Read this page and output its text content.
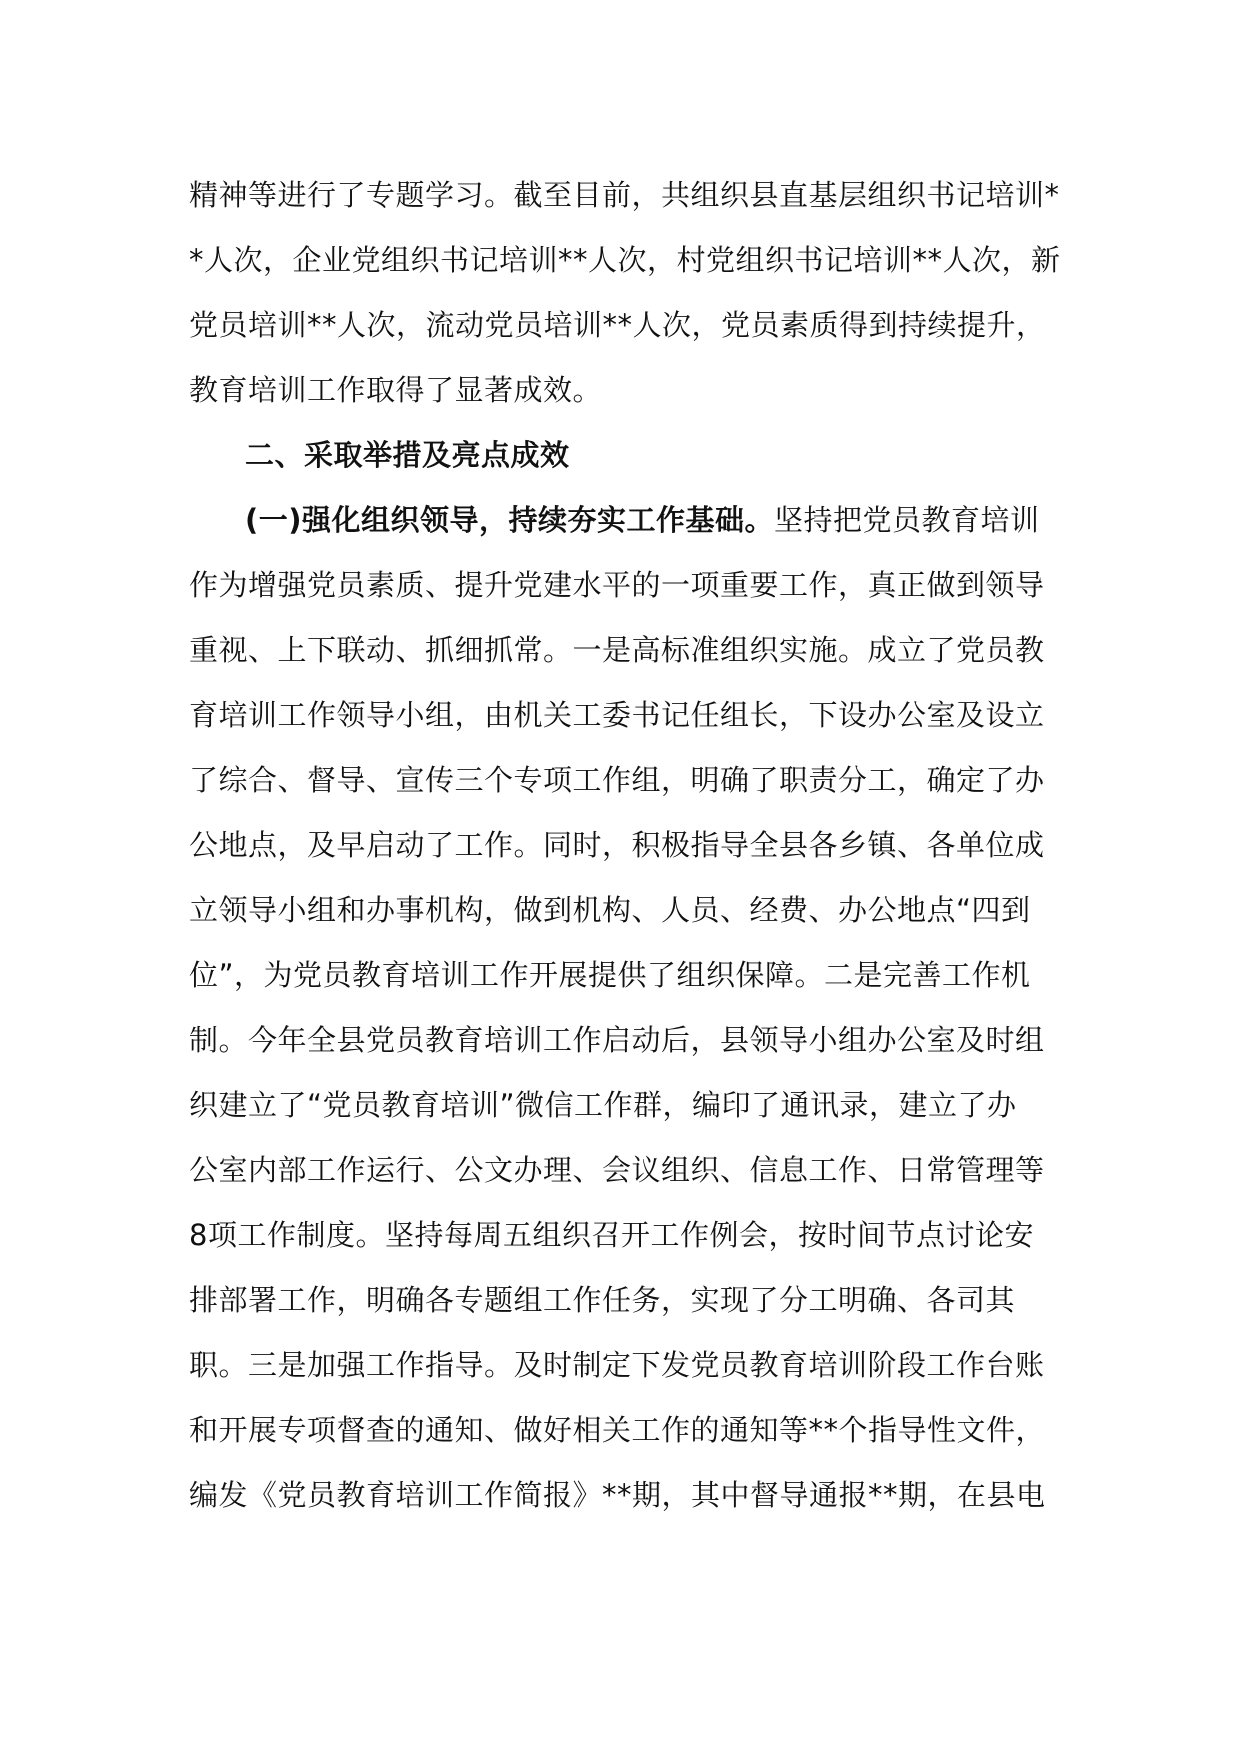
精神等进行了专题学习。截至目前，共组织县直基层组织书记培训*
*人次，企业党组织书记培训**人次，村党组织书记培训**人次，新
党员培训**人次，流动党员培训**人次，党员素质得到持续提升，
教育培训工作取得了显著成效。
二、采取举措及亮点成效
(一)强化组织领导，持续夯实工作基础。坚持把党员教育培训
作为增强党员素质、提升党建水平的一项重要工作，真正做到领导
重视、上下联动、抓细抓常。一是高标准组织实施。成立了党员教
育培训工作领导小组，由机关工委书记任组长，下设办公室及设立
了综合、督导、宣传三个专项工作组，明确了职责分工，确定了办
公地点，及早启动了工作。同时，积极指导全县各乡镇、各单位成
立领导小组和办事机构，做到机构、人员、经费、办公地点“四到
位”，为党员教育培训工作开展提供了组织保障。二是完善工作机
制。今年全县党员教育培训工作启动后，县领导小组办公室及时组
织建立了“党员教育培训”微信工作群，编印了通讯录，建立了办
公室内部工作运行、公文办理、会议组织、信息工作、日常管理等
8项工作制度。坚持每周五组织召开工作例会，按时间节点讨论安
排部署工作，明确各专题组工作任务，实现了分工明确、各司其
职。三是加强工作指导。及时制定下发党员教育培训阶段工作台账
和开展专项督查的通知、做好相关工作的通知等**个指导性文件，
编发《党员教育培训工作简报》**期，其中督导通报**期，在县电
